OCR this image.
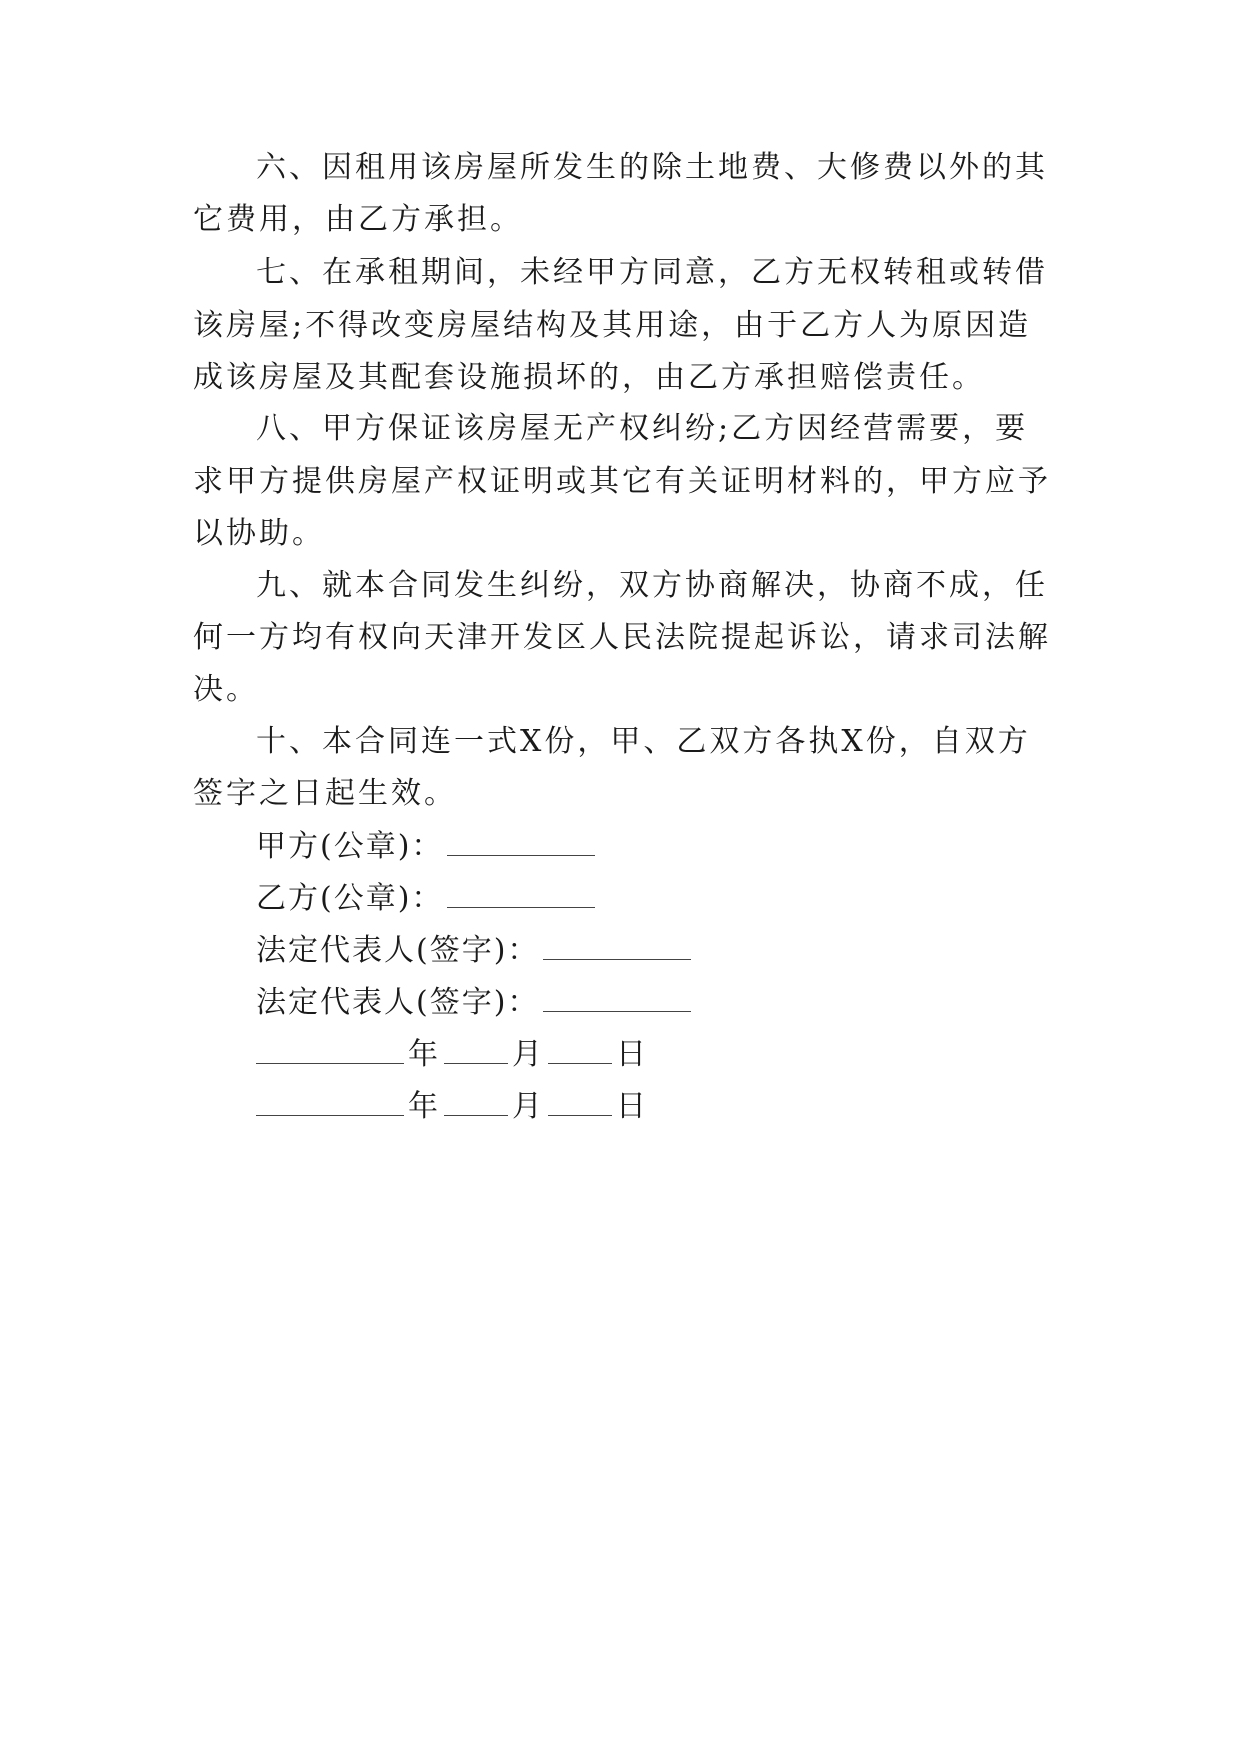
六、因租用该房屋所发生的除土地费、大修费以外的其
它费用，由乙方承担。
七、在承租期间，未经甲方同意，乙方无权转租或转借
该房屋;不得改变房屋结构及其用途，由于乙方人为原因造
成该房屋及其配套设施损坏的，由乙方承担赔偿责任。
八、甲方保证该房屋无产权纠纷;乙方因经营需要，要
求甲方提供房屋产权证明或其它有关证明材料的，甲方应予
以协助。
九、就本合同发生纠纷，双方协商解决，协商不成，任
何一方均有权向天津开发区人民法院提起诉讼，请求司法解
决。
十、本合同连一式X份，甲、乙双方各执X份，自双方
签字之日起生效。
甲方(公章)：
乙方(公章)：
法定代表人(签字)：
法定代表人(签字)：
年 月 日
年 月 日
